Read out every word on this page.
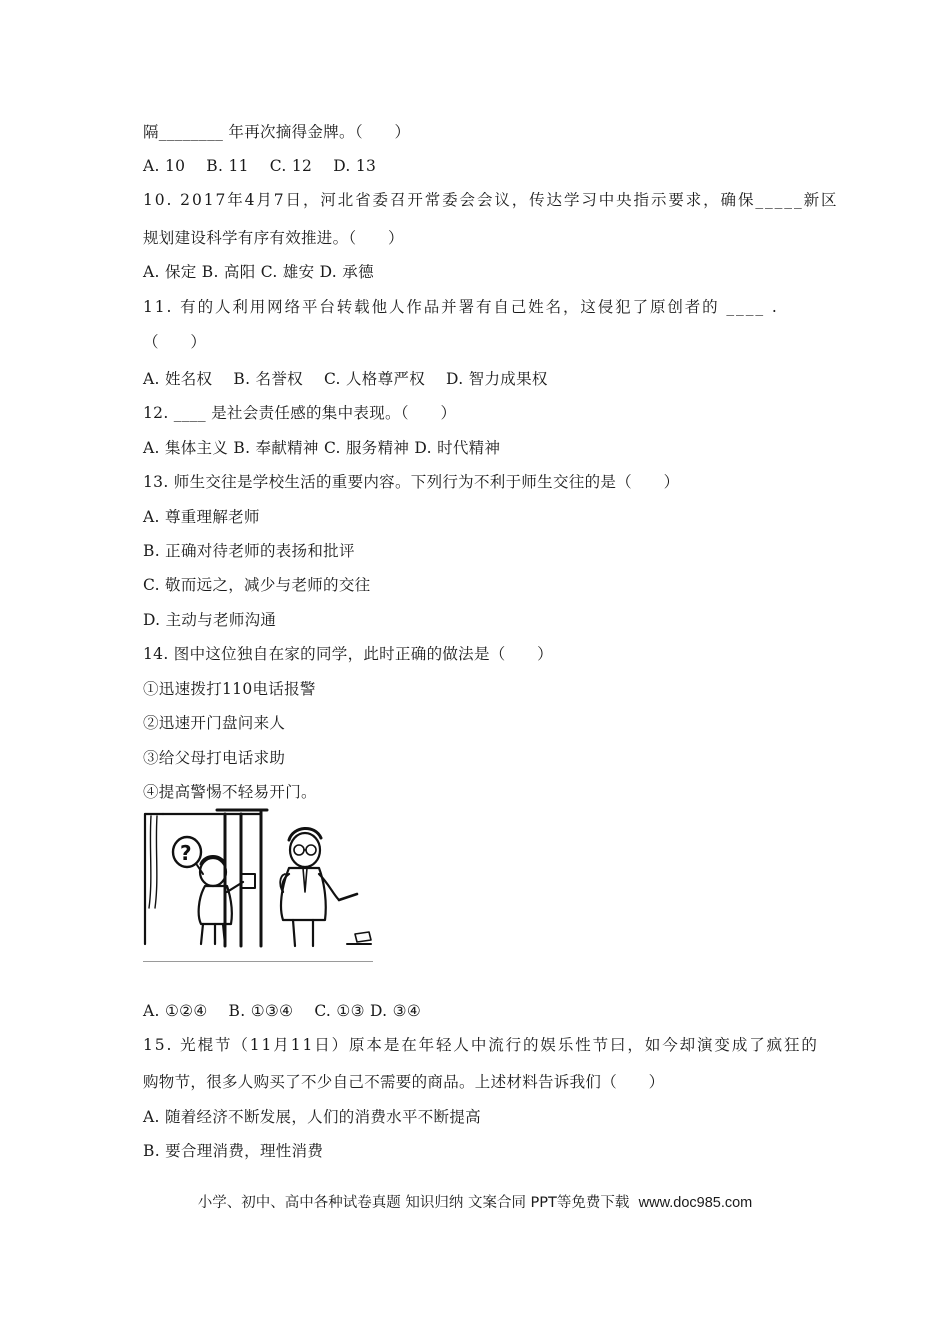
隔________ 年再次摘得金牌。（　　）
A. 10　 B. 11　 C. 12　 D. 13
10. 2017年4月7日，河北省委召开常委会会议，传达学习中央指示要求，确保_____新区
规划建设科学有序有效推进。（　　）
A. 保定 B. 高阳 C. 雄安 D. 承德
11. 有的人利用网络平台转载他人作品并署有自己姓名，这侵犯了原创者的 ____ .
（　　）
A. 姓名权　 B. 名誉权　 C. 人格尊严权　 D. 智力成果权
12. ____ 是社会责任感的集中表现。（　　）
A. 集体主义 B. 奉献精神 C. 服务精神 D. 时代精神
13. 师生交往是学校生活的重要内容。下列行为不利于师生交往的是（　　）
A. 尊重理解老师
B. 正确对待老师的表扬和批评
C. 敬而远之，减少与老师的交往
D. 主动与老师沟通
14. 图中这位独自在家的同学，此时正确的做法是（　　）
①迅速拨打110电话报警
②迅速开门盘问来人
③给父母打电话求助
④提高警惕不轻易开门。
?
A. ①②④　 B. ①③④　 C. ①③ D. ③④
15. 光棍节（11月11日）原本是在年轻人中流行的娱乐性节曰，如今却演变成了疯狂的
购物节，很多人购买了不少自己不需要的商品。上述材料告诉我们（　　）
A. 随着经济不断发展，人们的消费水平不断提高
B. 要合理消费，理性消费
小学、初中、高中各种试卷真题 知识归纳 文案合同 PPT等免费下载 www.doc985.com
